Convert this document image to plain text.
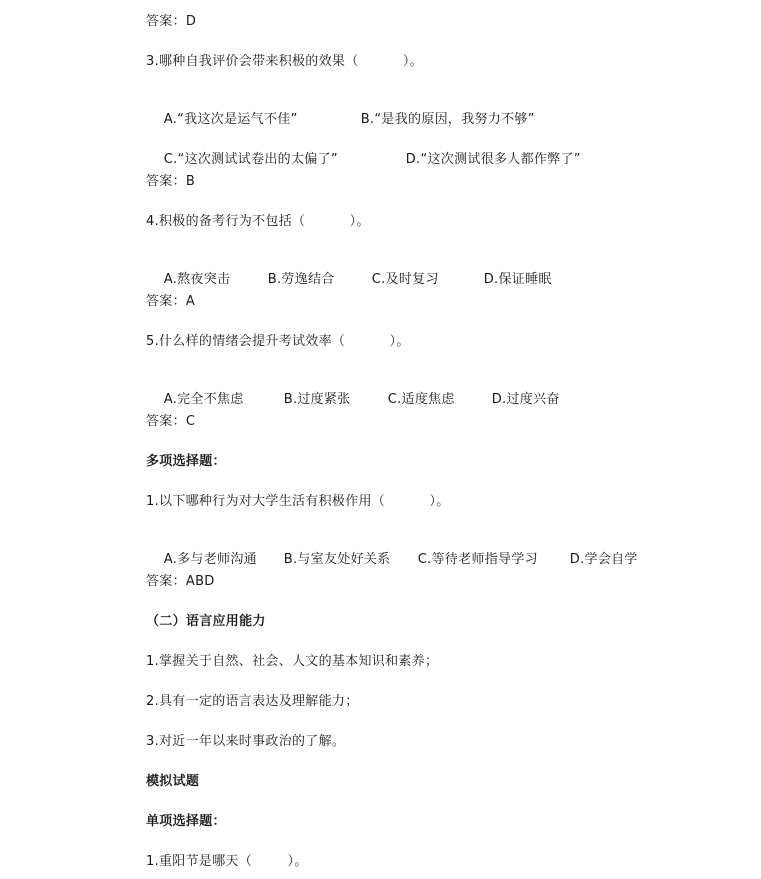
答案：D
3.哪种自我评价会带来积极的效果（          ）。

A.“我这次是运气不佳”	B.“是我的原因，我努力不够”

C.“这次测试试卷出的太偏了”	D.“这次测试很多人都作弊了”

答案：B
4.积极的备考行为不包括（          ）。

A.熬夜突击	B.劳逸结合	C.及时复习	D.保证睡眠

答案：A
5.什么样的情绪会提升考试效率（          ）。

A.完全不焦虑	B.过度紧张	C.适度焦虑	D.过度兴奋

答案：C
多项选择题：
1.以下哪种行为对大学生活有积极作用（          ）。

A.多与老师沟通 B.与室友处好关系 C.等待老师指导学习 D.学会自学

答案：ABD
（二）语言应用能力
1.掌握关于自然、社会、人文的基本知识和素养；
2.具有一定的语言表达及理解能力；
3.对近一年以来时事政治的了解。
模拟试题
单项选择题：
1.重阳节是哪天（        ）。
